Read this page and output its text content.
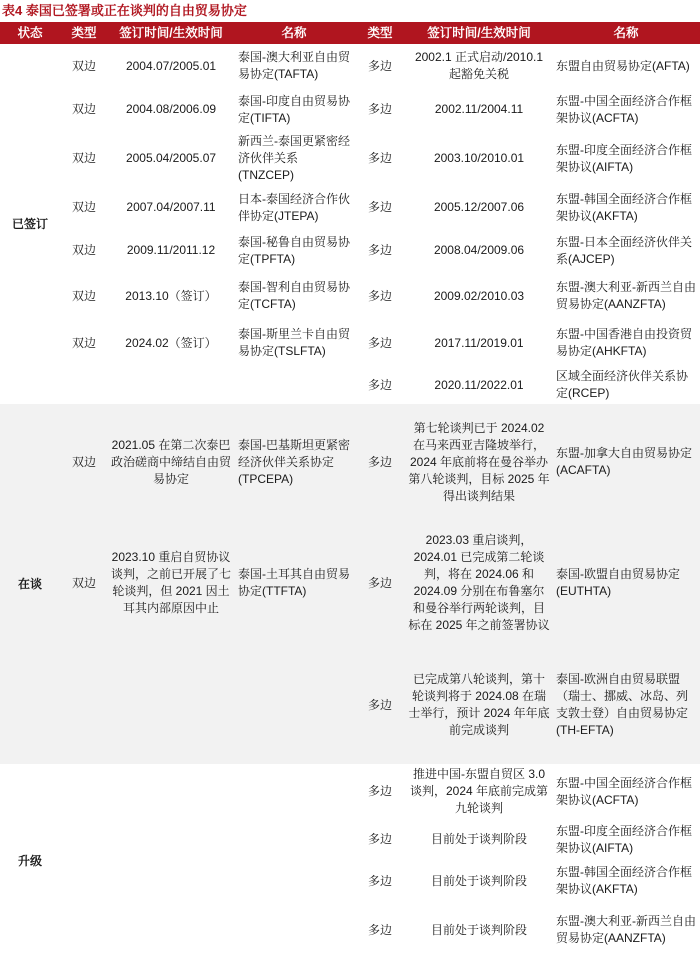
表4 泰国已签署或正在谈判的自由贸易协定
状态	类型	签订时间/生效时间	名称	类型	签订时间/生效时间	名称
已签订	双边	2004.07/2005.01	泰国-澳大利亚自由贸易协定(TAFTA)	多边	2002.1 正式启动/2010.1 起豁免关税	东盟自由贸易协定(AFTA)
	双边	2004.08/2006.09	泰国-印度自由贸易协定(TIFTA)	多边	2002.11/2004.11	东盟-中国全面经济合作框架协议(ACFTA)
	双边	2005.04/2005.07	新西兰-泰国更紧密经济伙伴关系(TNZCEP)	多边	2003.10/2010.01	东盟-印度全面经济合作框架协议(AIFTA)
	双边	2007.04/2007.11	日本-泰国经济合作伙伴协定(JTEPA)	多边	2005.12/2007.06	东盟-韩国全面经济合作框架协议(AKFTA)
	双边	2009.11/2011.12	泰国-秘鲁自由贸易协定(TPFTA)	多边	2008.04/2009.06	东盟-日本全面经济伙伴关系(AJCEP)
	双边	2013.10（签订）	泰国-智利自由贸易协定(TCFTA)	多边	2009.02/2010.03	东盟-澳大利亚-新西兰自由贸易协定(AANZFTA)
	双边	2024.02（签订）	泰国-斯里兰卡自由贸易协定(TSLFTA)	多边	2017.11/2019.01	东盟-中国香港自由投资贸易协定(AHKFTA)
				多边	2020.11/2022.01	区域全面经济伙伴关系协定(RCEP)
在谈	双边	2021.05 在第二次泰巴政治磋商中缔结自由贸易协定	泰国-巴基斯坦更紧密经济伙伴关系协定(TPCEPA)	多边	第七轮谈判已于 2024.02 在马来西亚吉隆坡举行，2024 年底前将在曼谷举办第八轮谈判，目标 2025 年得出谈判结果	东盟-加拿大自由贸易协定(ACAFTA)
	双边	2023.10 重启自贸协议谈判，之前已开展了七轮谈判，但 2021 因土耳其内部原因中止	泰国-土耳其自由贸易协定(TTFTA)	多边	2023.03 重启谈判，2024.01 已完成第二轮谈判，将在 2024.06 和 2024.09 分别在布鲁塞尔和曼谷举行两轮谈判，目标在 2025 年之前签署协议	泰国-欧盟自由贸易协定(EUTHTA)
				多边	已完成第八轮谈判，第十轮谈判将于 2024.08 在瑞士举行，预计 2024 年年底前完成谈判	泰国-欧洲自由贸易联盟（瑞士、挪威、冰岛、列支敦士登）自由贸易协定(TH-EFTA)
升级				多边	推进中国-东盟自贸区 3.0 谈判，2024 年底前完成第九轮谈判	东盟-中国全面经济合作框架协议(ACFTA)
				多边	目前处于谈判阶段	东盟-印度全面经济合作框架协议(AIFTA)
				多边	目前处于谈判阶段	东盟-韩国全面经济合作框架协议(AKFTA)
				多边	目前处于谈判阶段	东盟-澳大利亚-新西兰自由贸易协定(AANZFTA)
